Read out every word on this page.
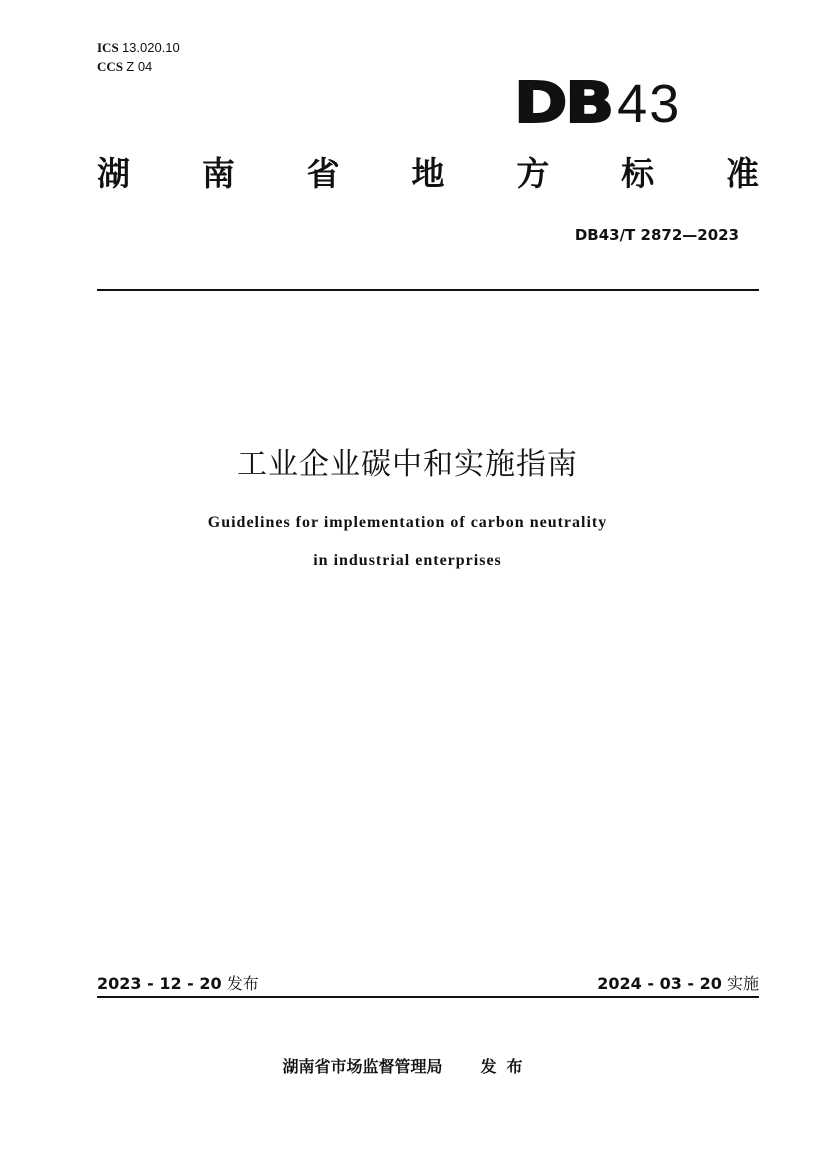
ICS 13.020.10
CCS Z 04
DB 43
湖 南 省 地 方 标 准
DB43/T 2872—2023
工业企业碳中和实施指南
Guidelines for implementation of carbon neutrality
in industrial enterprises
2023 - 12 - 20 发布	2024 - 03 - 20 实施
湖南省市场监督管理局 发布
